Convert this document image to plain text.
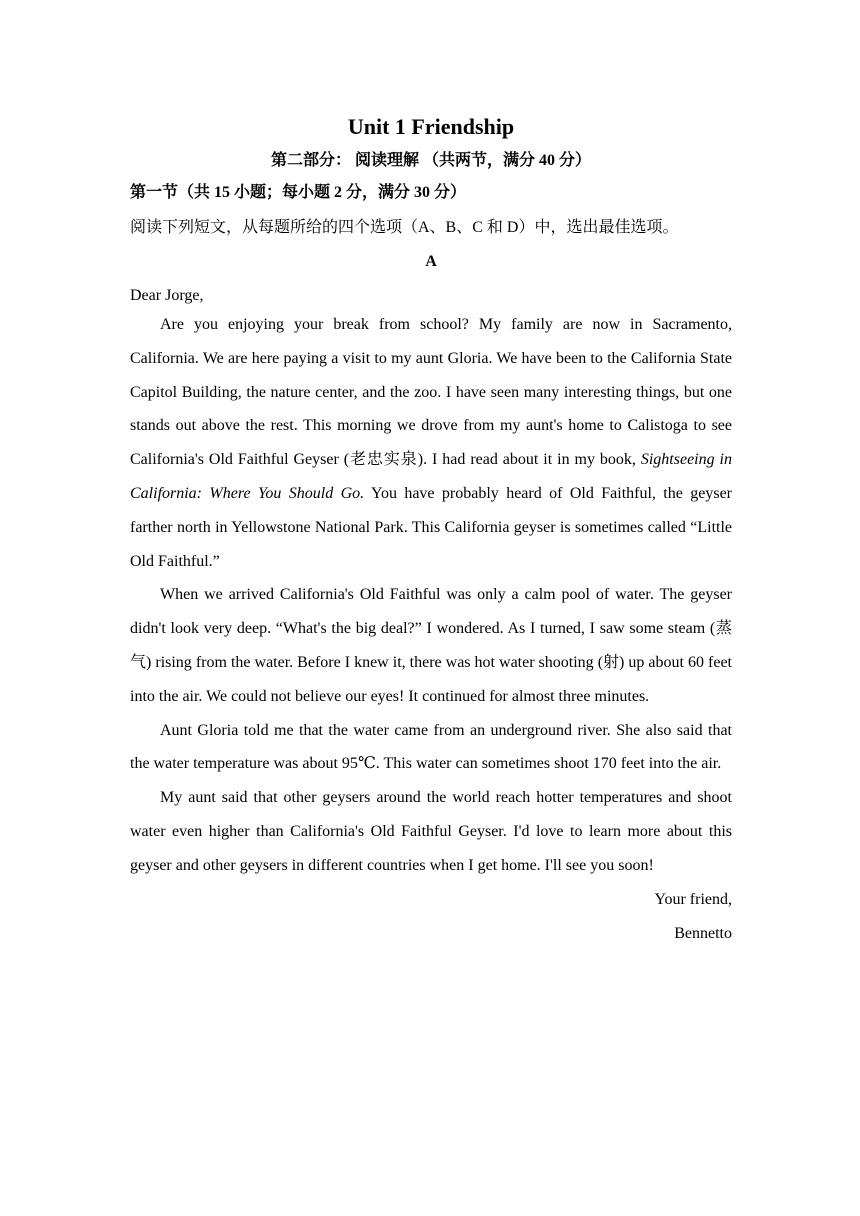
Unit 1 Friendship
第二部分： 阅读理解 （共两节，满分 40 分）
第一节（共 15 小题；每小题 2 分，满分 30 分）
阅读下列短文，从每题所给的四个选项（A、B、C 和 D）中，选出最佳选项。
A
Dear Jorge,

Are you enjoying your break from school? My family are now in Sacramento, California. We are here paying a visit to my aunt Gloria. We have been to the California State Capitol Building, the nature center, and the zoo. I have seen many interesting things, but one stands out above the rest. This morning we drove from my aunt's home to Calistoga to see California's Old Faithful Geyser (老忠实泉). I had read about it in my book, Sightseeing in California: Where You Should Go. You have probably heard of Old Faithful, the geyser farther north in Yellowstone National Park. This California geyser is sometimes called “Little Old Faithful.”

When we arrived California's Old Faithful was only a calm pool of water. The geyser didn't look very deep. “What's the big deal?” I wondered. As I turned, I saw some steam (蒸气) rising from the water. Before I knew it, there was hot water shooting (射) up about 60 feet into the air. We could not believe our eyes! It continued for almost three minutes.

Aunt Gloria told me that the water came from an underground river. She also said that the water temperature was about 95℃. This water can sometimes shoot 170 feet into the air.

My aunt said that other geysers around the world reach hotter temperatures and shoot water even higher than California's Old Faithful Geyser. I'd love to learn more about this geyser and other geysers in different countries when I get home. I'll see you soon!

Your friend,
Bennetto
